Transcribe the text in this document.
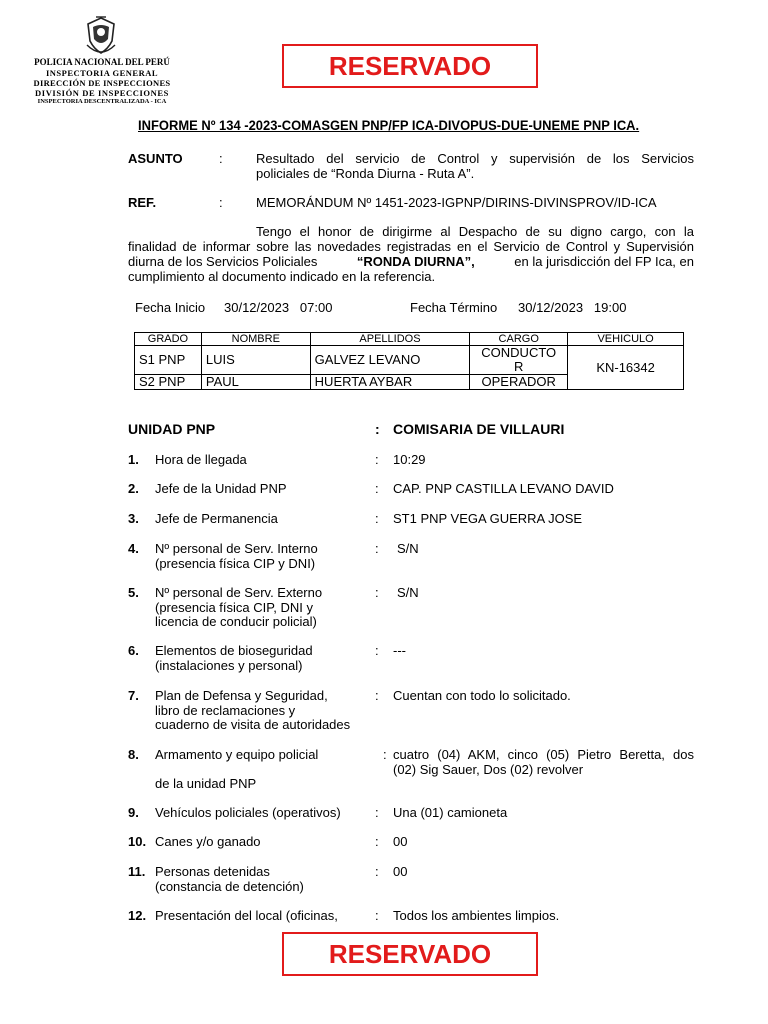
POLICIA NACIONAL DEL PERÚ
INSPECTORIA GENERAL
DIRECCIÓN DE INSPECCIONES
DIVISIÓN DE INSPECCIONES
INSPECTORIA DESCENTRALIZADA - ICA
RESERVADO
INFORME Nº 134 -2023-COMASGEN PNP/FP ICA-DIVOPUS-DUE-UNEME PNP ICA.
ASUNTO	:	Resultado del servicio de Control y supervisión de los Servicios
policiales de “Ronda Diurna - Ruta A”.
REF.	:	MEMORÁNDUM Nº 1451-2023-IGPNP/DIRINS-DIVINSPROV/ID-ICA
Tengo el honor de dirigirme al Despacho de su digno cargo, con la
finalidad de informar sobre las novedades registradas en el Servicio de Control y Supervisión
diurna de los Servicios Policiales	“RONDA DIURNA”,	en la jurisdicción del FP Ica, en
cumplimiento al documento indicado en la referencia.
Fecha Inicio 30/12/2023   07:00	Fecha Término 30/12/2023   19:00
GRADO	NOMBRE	APELLIDOS	CARGO	VEHICULO
S1 PNP	LUIS	GALVEZ LEVANO	CONDUCTO
R	KN-16342
S2 PNP	PAUL	HUERTA AYBAR	OPERADOR	
UNIDAD PNP	: COMISARIA DE VILLAURI
1. Hora de llegada	: 10:29
2. Jefe de la Unidad PNP	: CAP. PNP CASTILLA LEVANO DAVID
3. Jefe de Permanencia	: ST1 PNP VEGA GUERRA JOSE
4. Nº personal de Serv. Interno
(presencia física CIP y DNI)
: S/N
5. Nº personal de Serv. Externo
(presencia física CIP, DNI y
licencia de conducir policial)
: S/N
6. Elementos de bioseguridad
(instalaciones y personal)
: ---
7. Plan de Defensa y Seguridad,
libro de reclamaciones y
cuaderno de visita de autoridades
: Cuentan con todo lo solicitado.
8. Armamento y equipo policial
de la unidad PNP
: cuatro (04) AKM, cinco (05) Pietro Beretta, dos
(02) Sig Sauer, Dos (02) revolver
9. Vehículos policiales (operativos)	: Una (01) camioneta
10. Canes y/o ganado	: 00
11. Personas detenidas
(constancia de detención)
: 00
12. Presentación del local (oficinas,	: Todos los ambientes limpios.
RESERVADO
